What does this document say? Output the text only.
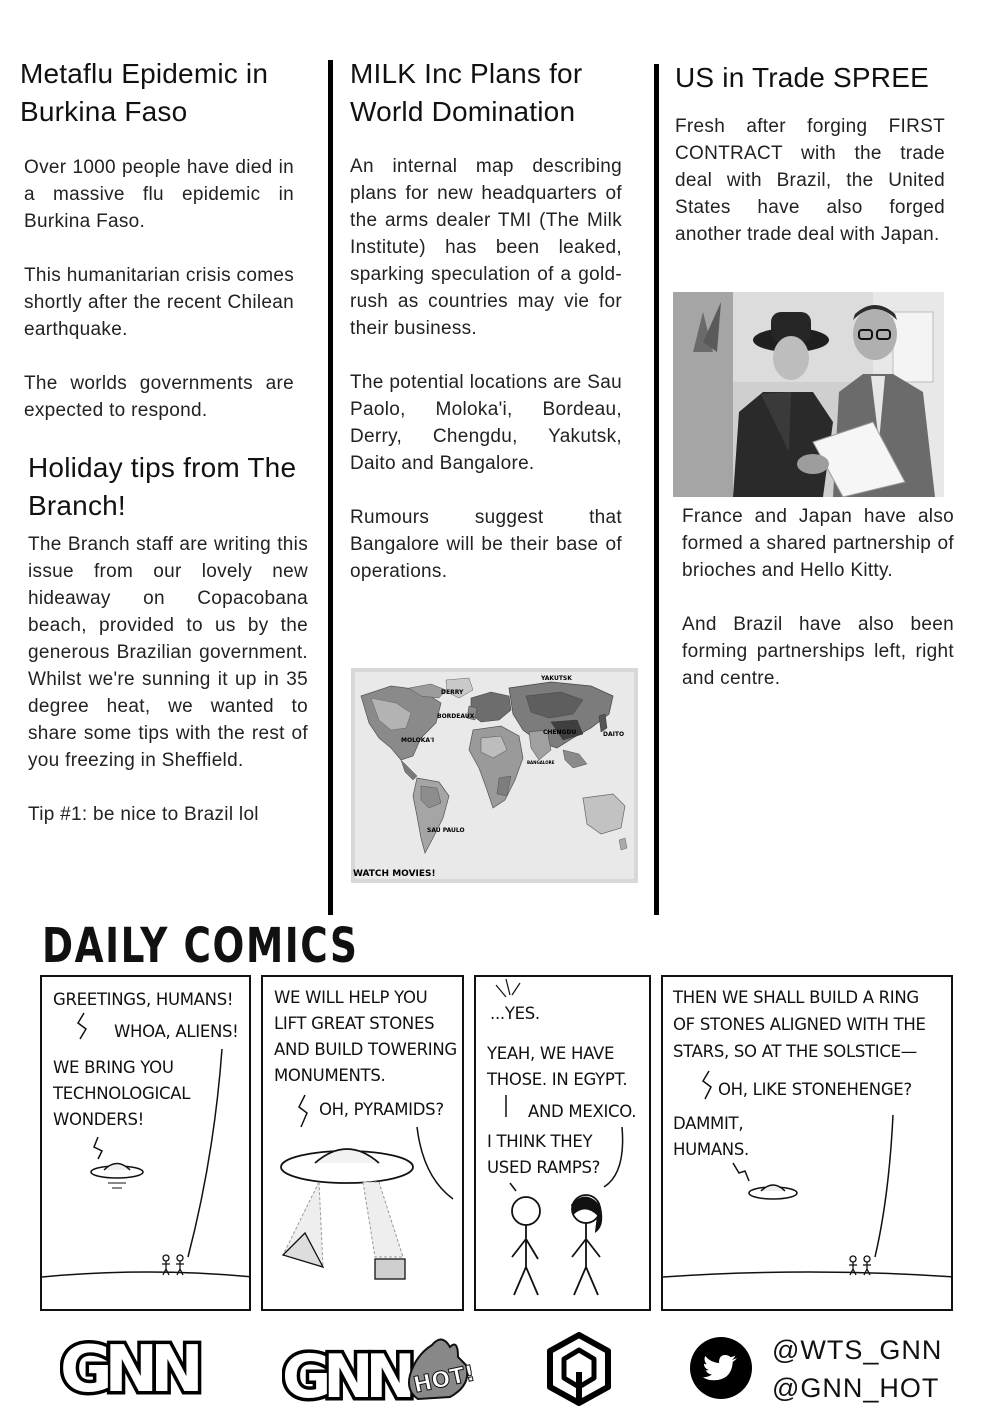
Metaflu Epidemic in Burkina Faso

Over 1000 people have died in a massive flu epidemic in Burkina Faso.

This humanitarian crisis comes shortly after the recent Chilean earthquake.

The worlds governments are expected to respond.

Holiday tips from The Branch!

The Branch staff are writing this issue from our lovely new hideaway on Copacobana beach, provided to us by the generous Brazilian government. Whilst we're sunning it up in 35 degree heat, we wanted to share some tips with the rest of you freezing in Sheffield.

Tip #1: be nice to Brazil lol

MILK Inc Plans for World Domination

An internal map describing plans for new headquarters of the arms dealer TMI (The Milk Institute) has been leaked, sparking speculation of a gold-rush as countries may vie for their business.

The potential locations are Sau Paolo, Moloka'i, Bordeau, Derry, Chengdu, Yakutsk, Daito and Bangalore.

Rumours suggest that Bangalore will be their base of operations.

YAKUTSK
DERRY
BORDEAUX
MOLOKA'I
CHENGDU	DAITO
BANGALORE
SAU PAULO
WATCH MOVIES!
US in Trade SPREE

Fresh after forging FIRST CONTRACT with the trade deal with Brazil, the United States have also forged another trade deal with Japan.

France and Japan have also formed a shared partnership of brioches and Hello Kitty.

And Brazil have also been forming partnerships left, right and centre.

DAILY COMICS
GREETINGS, HUMANS!
WHOA, ALIENS!
WE BRING YOU
TECHNOLOGICAL
WONDERS!
WE WILL HELP YOU
LIFT GREAT STONES
AND BUILD TOWERING
MONUMENTS.
OH, PYRAMIDS?
...YES.
YEAH, WE HAVE
THOSE. IN EGYPT.
AND MEXICO.
I THINK THEY
USED RAMPS?
THEN WE SHALL BUILD A RING
OF STONES ALIGNED WITH THE
STARS, SO AT THE SOLSTICE—
OH, LIKE STONEHENGE?
DAMMIT,
HUMANS.
GNN GNN HOT!
@WTS_GNN
@GNN_HOT
